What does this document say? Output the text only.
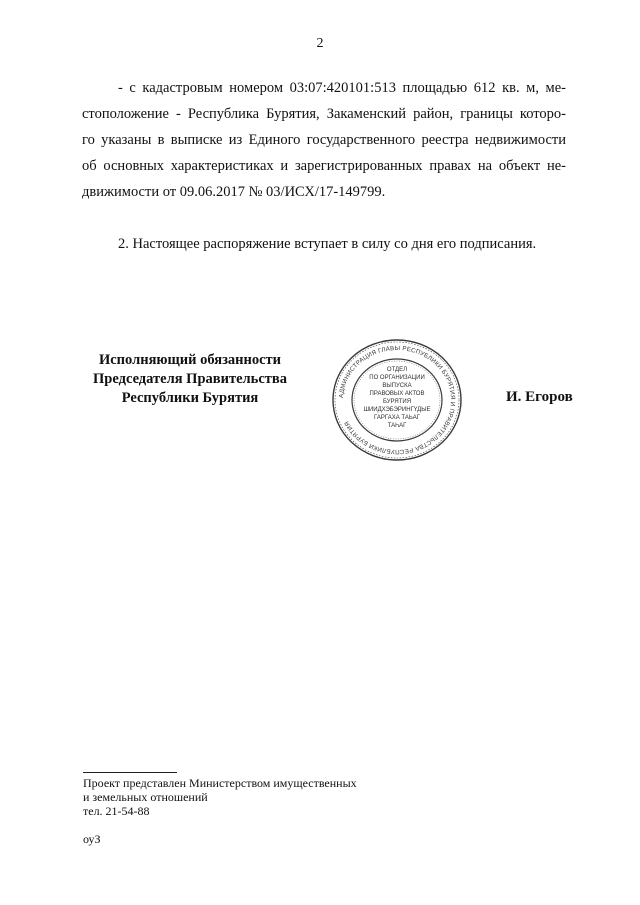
2
- с кадастровым номером 03:07:420101:513 площадью 612 кв. м, ме-
стоположение - Республика Бурятия, Закаменский район, границы которо-
го указаны в выписке из Единого государственного реестра недвижимости
об основных характеристиках и зарегистрированных правах на объект не-
движимости от 09.06.2017 № 03/ИСХ/17-149799.
2. Настоящее распоряжение вступает в силу со дня его подписания.
Исполняющий обязанности
Председателя Правительства
Республики Бурятия	АДМИНИСТРАЦИЯ ГЛАВЫ РЕСПУБЛИКИ БУРЯТИЯ И ПРАВИТЕЛЬСТВА РЕСПУБЛИКИ БУРЯТИЯ
ОТДЕЛ
ПО ОРГАНИЗАЦИИ
ВЫПУСКА
ПРАВОВЫХ АКТОВ
БУРЯТИЯ
ШИИДХЭБЭРИНГҮДЫЕ
ГАРГАХА ТАЬАГ
ТАҺАГ
И. Егоров
Проект представлен Министерством имущественных
и земельных отношений
тел. 21-54-88
оуЗ
